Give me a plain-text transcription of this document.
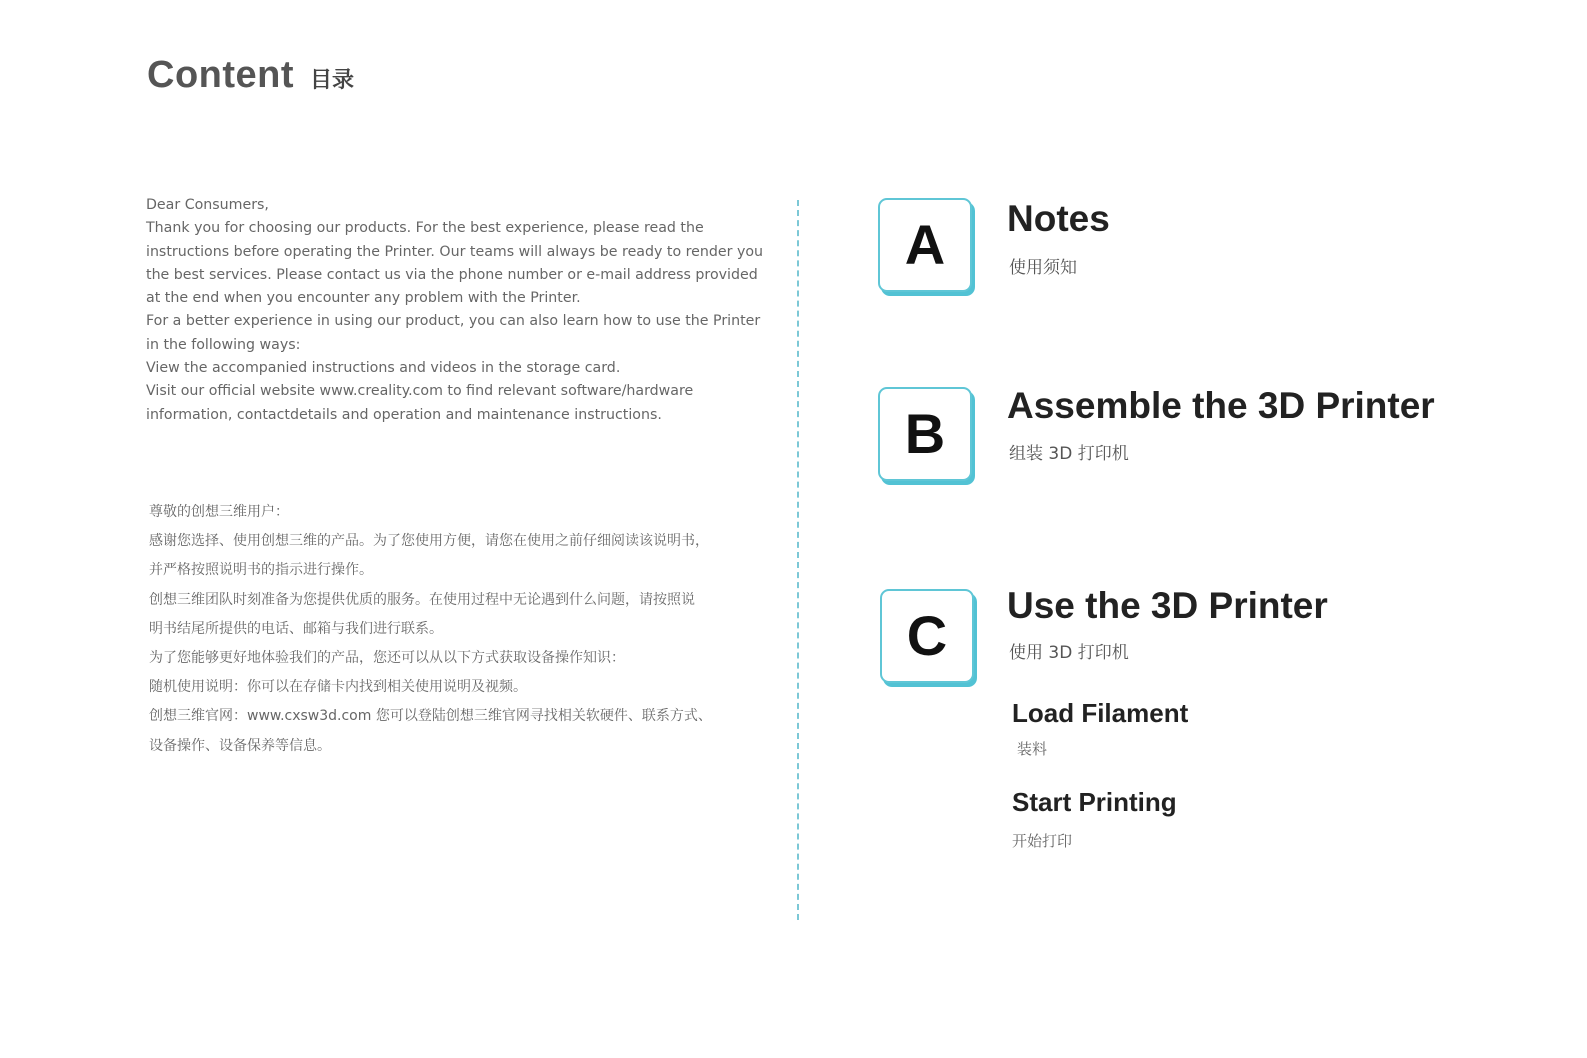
Content 目录

Dear Consumers,

Thank you for choosing our products. For the best experience, please read the

instructions before operating the Printer. Our teams will always be ready to render you

the best services. Please contact us via the phone number or e-mail address provided

at the end when you encounter any problem with the Printer.

For a better experience in using our product, you can also learn how to use the Printer

in the following ways:

View the accompanied instructions and videos in the storage card.

Visit our official website www.creality.com to find relevant software/hardware

information, contactdetails and operation and maintenance instructions.

尊敬的创想三维用户：

感谢您选择、使用创想三维的产品。为了您使用方便，请您在使用之前仔细阅读该说明书，

并严格按照说明书的指示进行操作。

创想三维团队时刻准备为您提供优质的服务。在使用过程中无论遇到什么问题，请按照说

明书结尾所提供的电话、邮箱与我们进行联系。

为了您能够更好地体验我们的产品，您还可以从以下方式获取设备操作知识：

随机使用说明：你可以在存储卡内找到相关使用说明及视频。

创想三维官网：www.cxsw3d.com 您可以登陆创想三维官网寻找相关软硬件、联系方式、

设备操作、设备保养等信息。

A Notes
使用须知
B Assemble the 3D Printer
组装 3D 打印机
C Use the 3D Printer
使用 3D 打印机
Load Filament
装料
Start Printing
开始打印
